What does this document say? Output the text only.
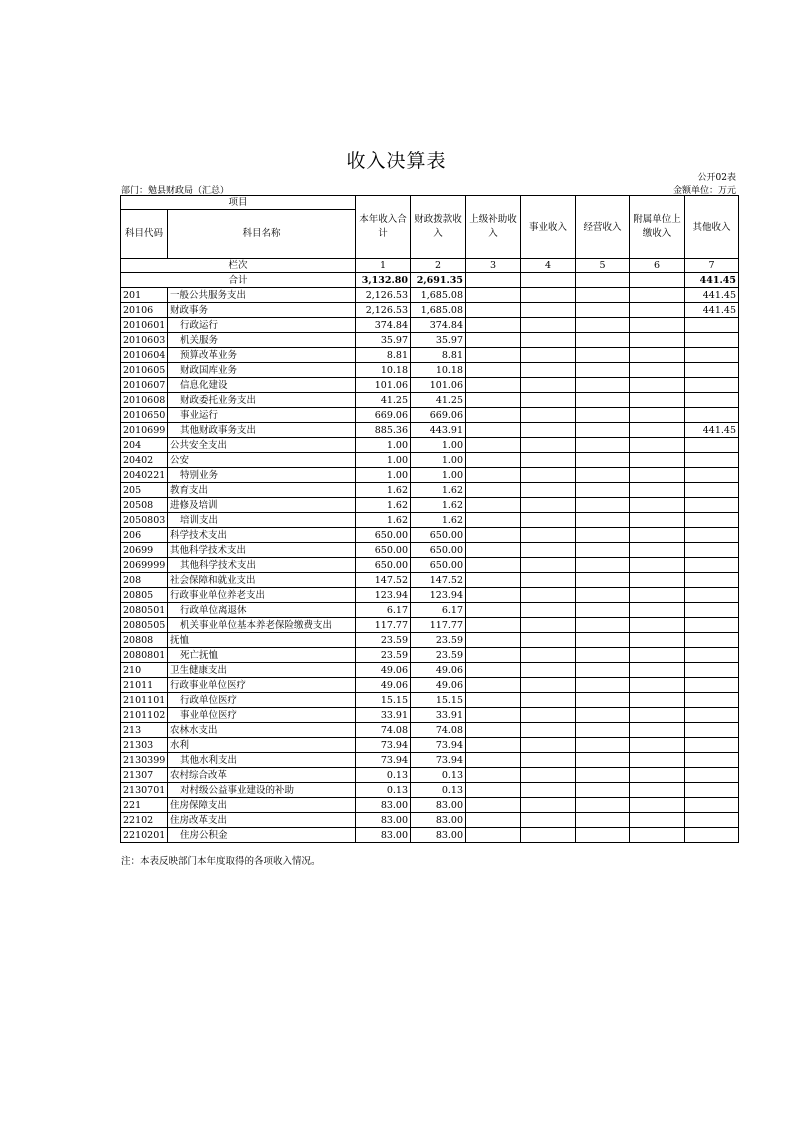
收入决算表
公开02表
部门：勉县财政局（汇总）	金额单位：万元
项目		本年收入合计	财政拨款收入	上级补助收入	事业收入	经营收入	附属单位上缴收入	其他收入
科目代码	科目名称							
栏次		1	2	3	4	5	6	7
合计		3,132.80	2,691.35					441.45
201	一般公共服务支出	2,126.53	1,685.08					441.45
20106	财政事务	2,126.53	1,685.08					441.45
2010601	行政运行	374.84	374.84					
2010603	机关服务	35.97	35.97					
2010604	预算改革业务	8.81	8.81					
2010605	财政国库业务	10.18	10.18					
2010607	信息化建设	101.06	101.06					
2010608	财政委托业务支出	41.25	41.25					
2010650	事业运行	669.06	669.06					
2010699	其他财政事务支出	885.36	443.91					441.45
204	公共安全支出	1.00	1.00					
20402	公安	1.00	1.00					
2040221	特别业务	1.00	1.00					
205	教育支出	1.62	1.62					
20508	进修及培训	1.62	1.62					
2050803	培训支出	1.62	1.62					
206	科学技术支出	650.00	650.00					
20699	其他科学技术支出	650.00	650.00					
2069999	其他科学技术支出	650.00	650.00					
208	社会保障和就业支出	147.52	147.52					
20805	行政事业单位养老支出	123.94	123.94					
2080501	行政单位离退休	6.17	6.17					
2080505	机关事业单位基本养老保险缴费支出	117.77	117.77					
20808	抚恤	23.59	23.59					
2080801	死亡抚恤	23.59	23.59					
210	卫生健康支出	49.06	49.06					
21011	行政事业单位医疗	49.06	49.06					
2101101	行政单位医疗	15.15	15.15					
2101102	事业单位医疗	33.91	33.91					
213	农林水支出	74.08	74.08					
21303	水利	73.94	73.94					
2130399	其他水利支出	73.94	73.94					
21307	农村综合改革	0.13	0.13					
2130701	对村级公益事业建设的补助	0.13	0.13					
221	住房保障支出	83.00	83.00					
22102	住房改革支出	83.00	83.00					
2210201	住房公积金	83.00	83.00					
注：本表反映部门本年度取得的各项收入情况。
